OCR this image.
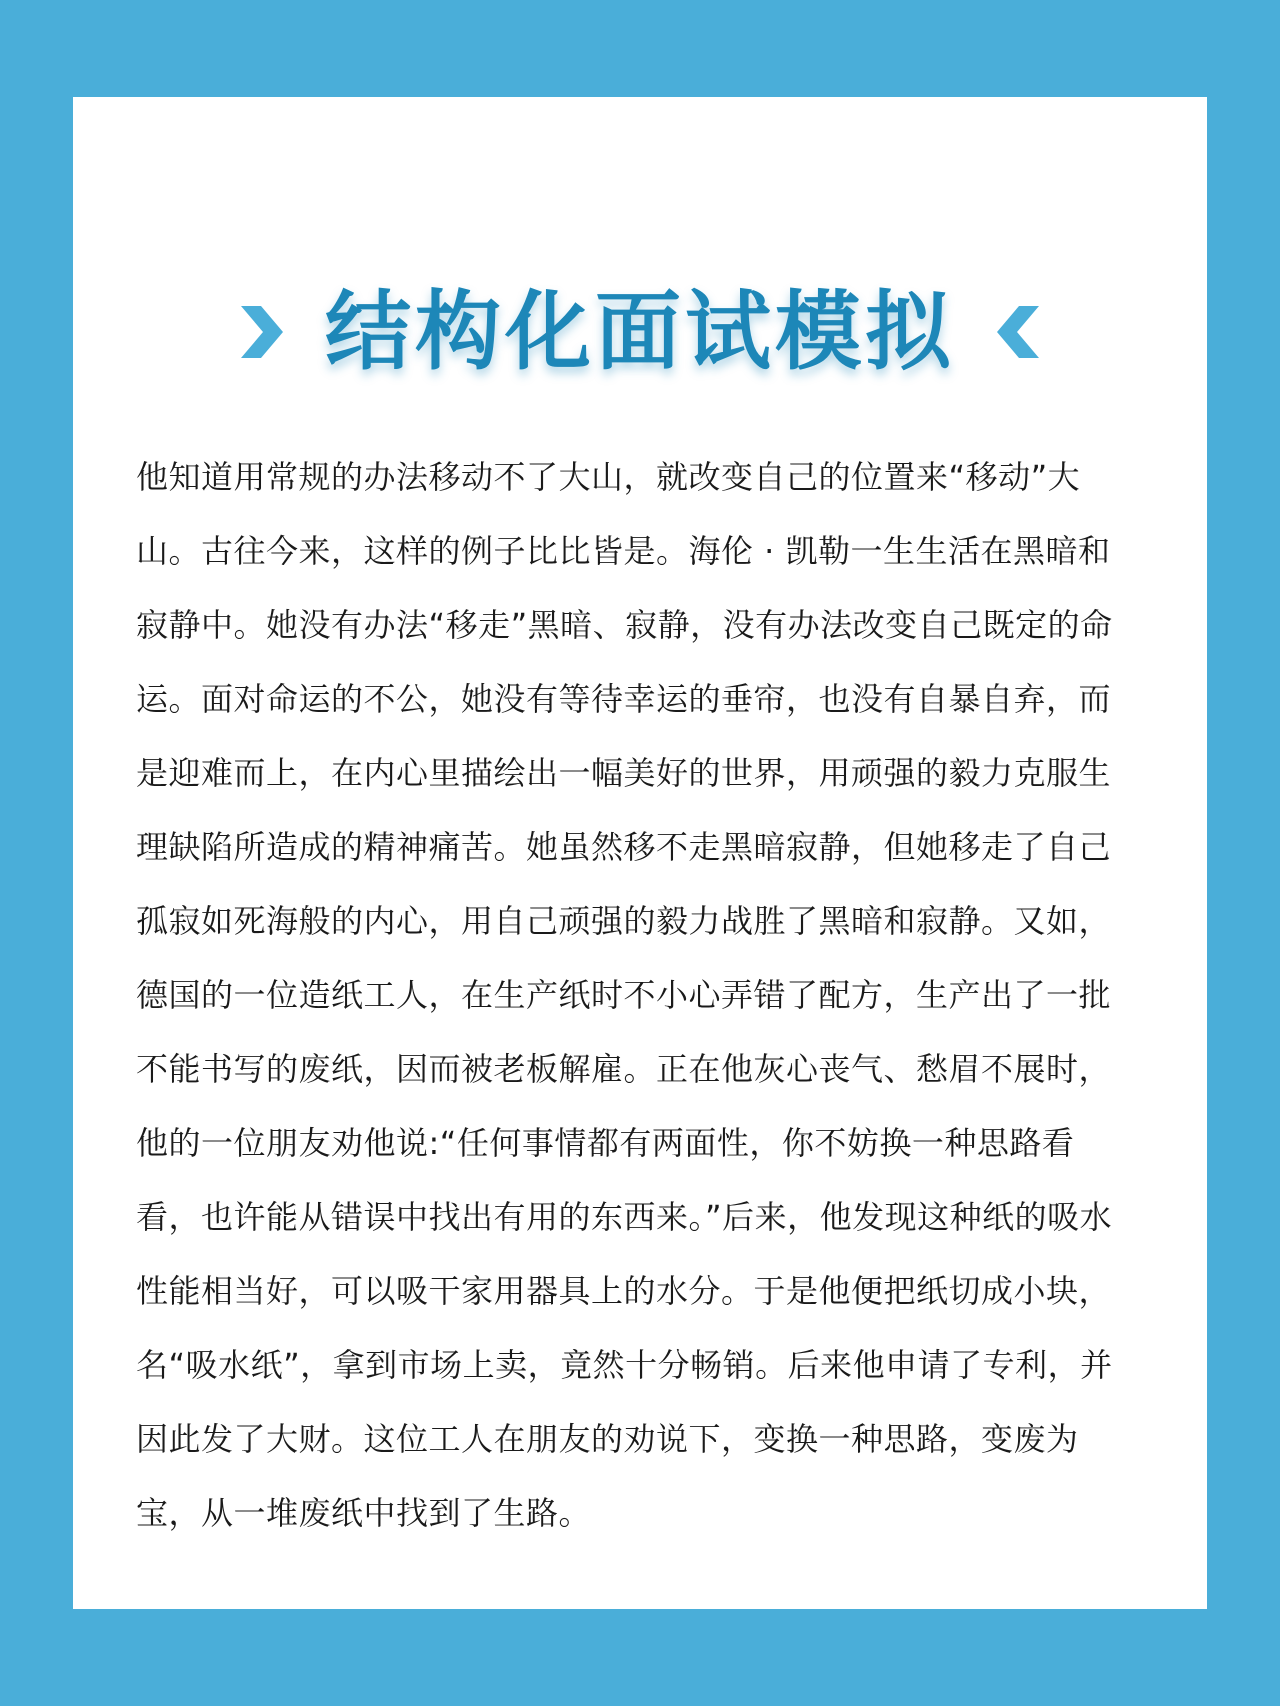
结构化面试模拟

他知道用常规的办法移动不了大山，就改变自己的位置来“移动”大山。古往今来，这样的例子比比皆是。海伦 · 凯勒一生生活在黑暗和寂静中。她没有办法“移走”黑暗、寂静，没有办法改变自己既定的命运。面对命运的不公，她没有等待幸运的垂帘，也没有自暴自弃，而是迎难而上，在内心里描绘出一幅美好的世界，用顽强的毅力克服生理缺陷所造成的精神痛苦。她虽然移不走黑暗寂静，但她移走了自己孤寂如死海般的内心，用自己顽强的毅力战胜了黑暗和寂静。又如，德国的一位造纸工人，在生产纸时不小心弄错了配方，生产出了一批不能书写的废纸，因而被老板解雇。正在他灰心丧气、愁眉不展时，他的一位朋友劝他说:“任何事情都有两面性，你不妨换一种思路看看，也许能从错误中找出有用的东西来。”后来，他发现这种纸的吸水性能相当好，可以吸干家用器具上的水分。于是他便把纸切成小块，名“吸水纸”，拿到市场上卖，竟然十分畅销。后来他申请了专利，并因此发了大财。这位工人在朋友的劝说下，变换一种思路，变废为宝，从一堆废纸中找到了生路。
